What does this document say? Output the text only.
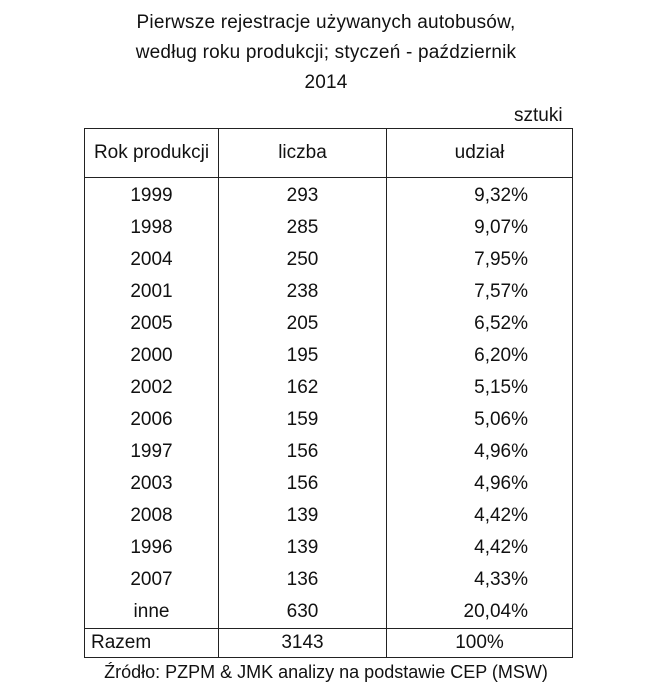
Pierwsze rejestracje używanych autobusów,
według roku produkcji; styczeń - październik
2014
sztuki
Rok produkcji	liczba	udział
1999	293	9,32%
1998	285	9,07%
2004	250	7,95%
2001	238	7,57%
2005	205	6,52%
2000	195	6,20%
2002	162	5,15%
2006	159	5,06%
1997	156	4,96%
2003	156	4,96%
2008	139	4,42%
1996	139	4,42%
2007	136	4,33%
inne	630	20,04%
Razem	3143	100%
Źródło: PZPM & JMK analizy na podstawie CEP (MSW)
